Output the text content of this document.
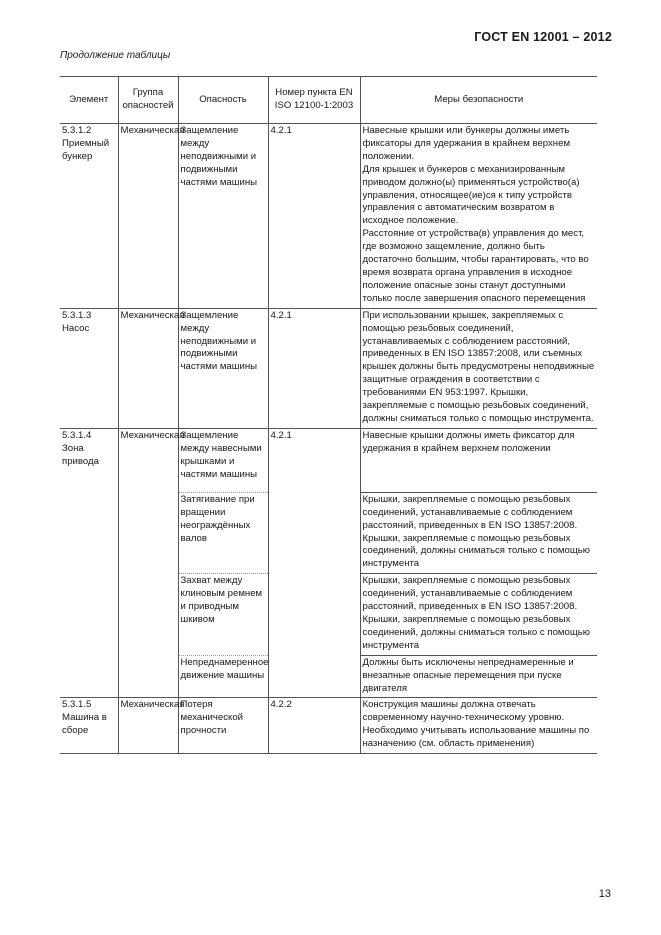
ГОСТ EN 12001 – 2012
Продолжение таблицы
Элемент	Группа опасностей	Опасность	Номер пункта EN ISO 12100-1:2003	Меры безопасности
5.3.1.2 Приемный бункер	Механическая	Защемление между неподвижными и подвижными частями машины	4.2.1	Навесные крышки или бункеры должны иметь фиксаторы для удержания в крайнем верхнем положении.

Для крышек и бункеров с механизированным приводом должно(ы) применяться устройство(а) управления, относящее(ие)ся к типу устройств управления с автоматическим возвратом в исходное положение.

Расстояние от устройства(в) управления до мест, где возможно защемление, должно быть достаточно большим, чтобы гарантировать, что во время возврата органа управления в исходное положение опасные зоны станут доступными только после завершения опасного перемещения

5.3.1.3 Насос	Механическая	Защемление между неподвижными и подвижными частями машины	4.2.1	При использовании крышек, закрепляемых с помощью резьбовых соединений, устанавливаемых с соблюдением расстояний, приведенных в EN ISO 13857:2008, или съемных крышек должны быть предусмотрены неподвижные защитные ограждения в соответствии с требованиями EN 953:1997. Крышки, закрепляемые с помощью резьбовых соединений, должны сниматься только с помощью инструмента.

5.3.1.4 Зона привода	Механическая	Защемление между навесными крышками и частями машины	4.2.1	Навесные крышки должны иметь фиксатор для удержания в крайнем верхнем положении

		Затягивание при вращении неограждённых валов		Крышки, закрепляемые с помощью резьбовых соединений, устанавливаемые с соблюдением расстояний, приведенных в EN ISO 13857:2008. Крышки, закрепляемые с помощью резьбовых соединений, должны сниматься только с помощью инструмента

		Захват между клиновым ремнем и приводным шкивом		Крышки, закрепляемые с помощью резьбовых соединений, устанавливаемые с соблюдением расстояний, приведенных в EN ISO 13857:2008. Крышки, закрепляемые с помощью резьбовых соединений, должны сниматься только с помощью инструмента

		Непреднамеренное движение машины		Должны быть исключены непреднамеренные и внезапные опасные перемещения при пуске двигателя

5.3.1.5 Машина в сборе	Механическая	Потеря механической прочности	4.2.2	Конструкция машины должна отвечать современному научно-техническому уровню. Необходимо учитывать использование машины по назначению (см. область применения)

13
